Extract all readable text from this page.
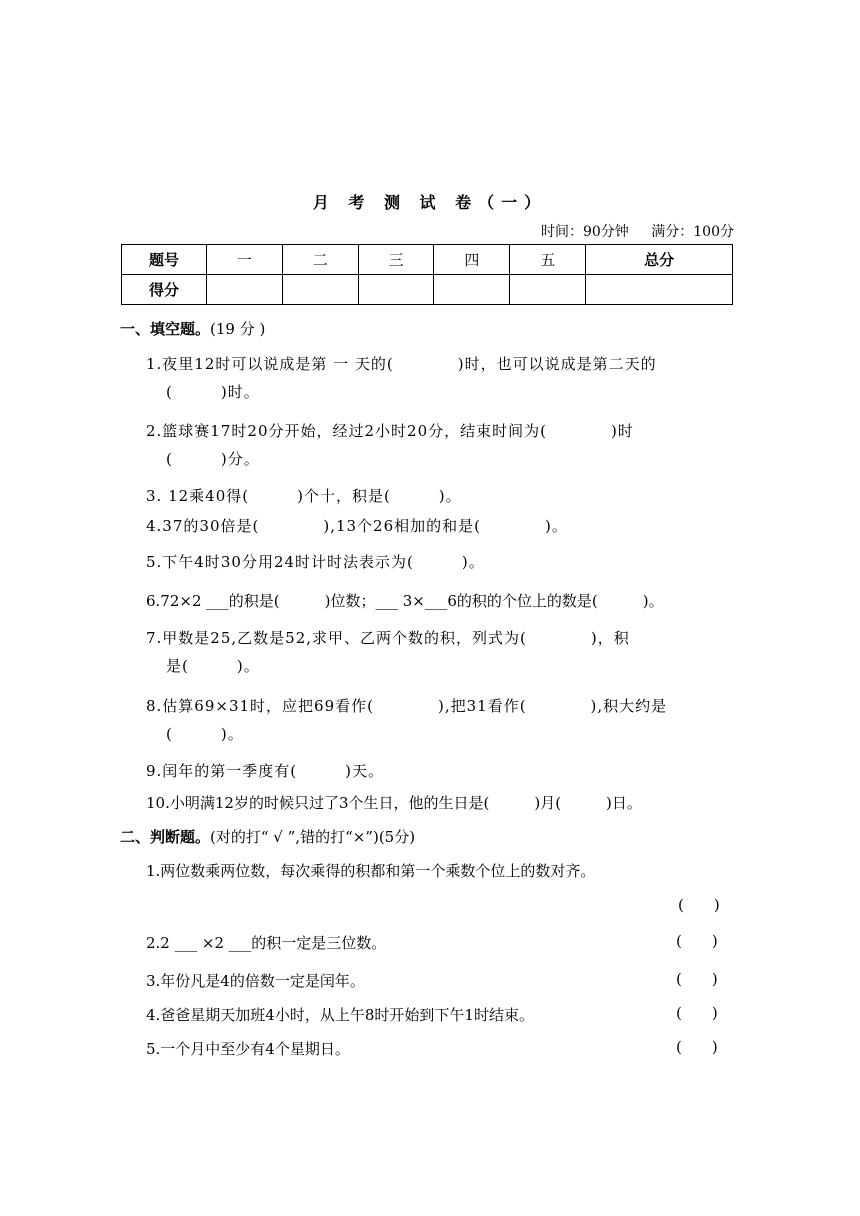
月 考 测 试 卷（一）
时间：90分钟 满分：100分
题号	一	二	三	四	五	总分
得分						
一、填空题。(19 分 )
1.夜里12时可以说成是第 一 天的(　　　　)时，也可以说成是第二天的
(　　　)时。
2.篮球赛17时20分开始，经过2小时20分，结束时间为(　　　　)时
(　　　)分。
3. 12乘40得(　　　)个十，积是(　　　)。
4.37的30倍是(　　　　),13个26相加的和是(　　　　)。
5.下午4时30分用24时计时法表示为(　　　)。
6.72×2 ___的积是(　　　)位数；___ 3×___6的积的个位上的数是(　　　)。
7.甲数是25,乙数是52,求甲、乙两个数的积，列式为(　　　　)，积
是(　　　)。
8.估算69×31时，应把69看作(　　　　),把31看作(　　　　),积大约是
(　　　)。
9.闰年的第一季度有(　　　)天。
10.小明满12岁的时候只过了3个生日，他的生日是(　　　)月(　　　)日。
二、判断题。(对的打“ √ ”,错的打“×”)(5分)
1.两位数乘两位数，每次乘得的积都和第一个乘数个位上的数对齐。
(　　)
2.2 ___ ×2 ___的积一定是三位数。	(　　)
3.年份凡是4的倍数一定是闰年。	(　　)
4.爸爸星期天加班4小时，从上午8时开始到下午1时结束。	(　　)
5.一个月中至少有4个星期日。	(　　)
